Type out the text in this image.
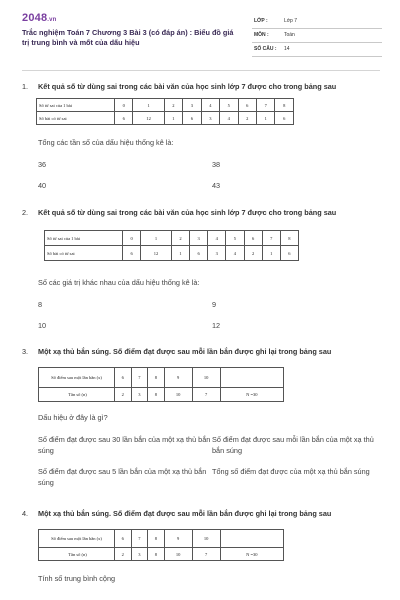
2048.vn
Trắc nghiệm Toán 7 Chương 3 Bài 3 (có đáp án) : Biểu đồ giá trị trung bình và mốt của dấu hiệu
LỚP :	Lớp 7
MÔN :	Toán
SỐ CÂU : 14
1. Kết quả số từ dùng sai trong các bài văn của học sinh lớp 7 được cho trong bảng sau
Số từ sai của 1 bài	0	1	2	3	4	5	6	7	8
Số bài có từ sai	6	12	1	6	3	4	2	1	6
Tổng các tần số của dấu hiệu thống kê là:
36	38
40	43
2. Kết quả số từ dùng sai trong các bài văn của học sinh lớp 7 được cho trong bảng sau
Số từ sai của 1 bài	0	1	2	3	4	5	6	7	8
Số bài có từ sai	6	12	1	6	3	4	2	1	6
Số các giá trị khác nhau của dấu hiệu thống kê là:
8	9
10	12
3. Một xạ thủ bắn súng. Số điểm đạt được sau mỗi lần bắn được ghi lại trong bảng sau
Số điểm sau một lần bắn (x)	6	7	8	9	10	
Tần số (n)	2	3	8	10	7	N =30
Dấu hiệu ở đây là gì?
Số điểm đạt được sau 30 lần bắn của một xạ thủ bắn súng
Số điểm đạt được sau mỗi lần bắn của một xạ thủ bắn súng
Số điểm đạt được sau 5 lần bắn của một xạ thủ bắn súng
Tổng số điểm đạt được của một xạ thủ bắn súng
4. Một xạ thủ bắn súng. Số điểm đạt được sau mỗi lần bắn được ghi lại trong bảng sau
Số điểm sau một lần bắn (x)	6	7	8	9	10	
Tần số (n)	2	3	8	10	7	N =30
Tính số trung bình cộng
